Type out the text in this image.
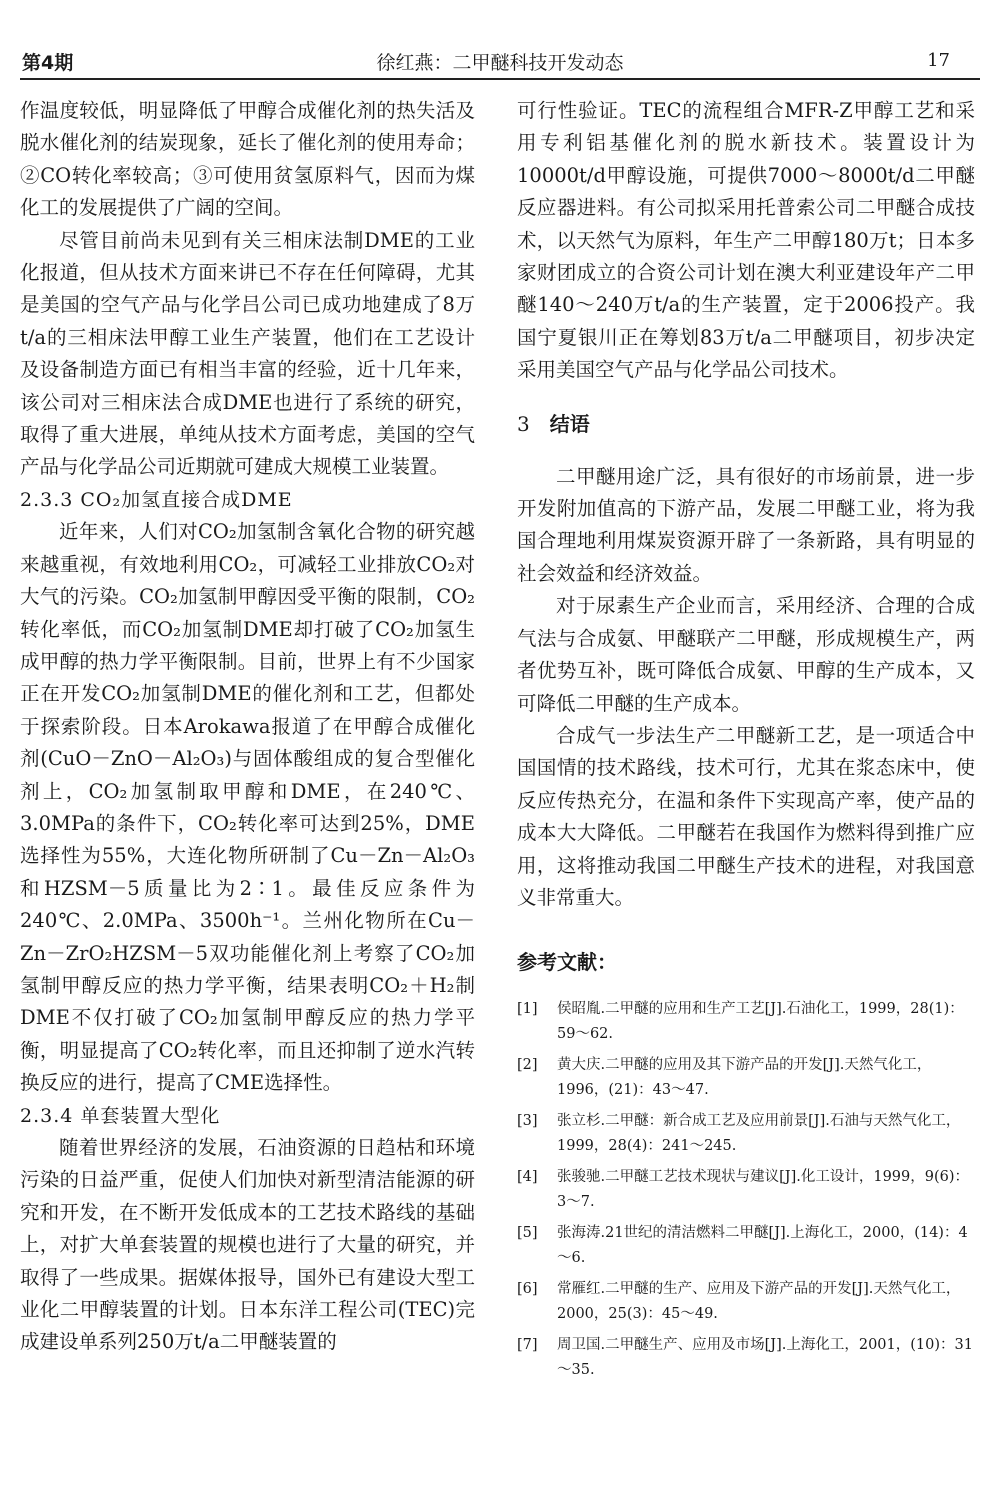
第4期	徐红燕：二甲醚科技开发动态	17

作温度较低，明显降低了甲醇合成催化剂的热失活及脱水催化剂的结炭现象，延长了催化剂的使用寿命；②CO转化率较高；③可使用贫氢原料气，因而为煤化工的发展提供了广阔的空间。

尽管目前尚未见到有关三相床法制DME的工业化报道，但从技术方面来讲已不存在任何障碍，尤其是美国的空气产品与化学吕公司已成功地建成了8万t/a的三相床法甲醇工业生产装置，他们在工艺设计及设备制造方面已有相当丰富的经验，近十几年来，该公司对三相床法合成DME也进行了系统的研究，取得了重大进展，单纯从技术方面考虑，美国的空气产品与化学品公司近期就可建成大规模工业装置。

2.3.3 CO₂加氢直接合成DME

近年来，人们对CO₂加氢制含氧化合物的研究越来越重视，有效地利用CO₂，可减轻工业排放CO₂对大气的污染。CO₂加氢制甲醇因受平衡的限制，CO₂转化率低，而CO₂加氢制DME却打破了CO₂加氢生成甲醇的热力学平衡限制。目前，世界上有不少国家正在开发CO₂加氢制DME的催化剂和工艺，但都处于探索阶段。日本Arokawa报道了在甲醇合成催化剂(CuO－ZnO－Al₂O₃)与固体酸组成的复合型催化剂上，CO₂加氢制取甲醇和DME，在240℃、3.0MPa的条件下，CO₂转化率可达到25%，DME选择性为55%，大连化物所研制了Cu－Zn－Al₂O₃和HZSM－5质量比为2∶1。最佳反应条件为240℃、2.0MPa、3500h⁻¹。兰州化物所在Cu－Zn－ZrO₂HZSM－5双功能催化剂上考察了CO₂加氢制甲醇反应的热力学平衡，结果表明CO₂＋H₂制DME不仅打破了CO₂加氢制甲醇反应的热力学平衡，明显提高了CO₂转化率，而且还抑制了逆水汽转换反应的进行，提高了CME选择性。

2.3.4 单套装置大型化

随着世界经济的发展，石油资源的日趋枯和环境污染的日益严重，促使人们加快对新型清洁能源的研究和开发，在不断开发低成本的工艺技术路线的基础上，对扩大单套装置的规模也进行了大量的研究，并取得了一些成果。据媒体报导，国外已有建设大型工业化二甲醇装置的计划。日本东洋工程公司(TEC)完成建设单系列250万t/a二甲醚装置的

可行性验证。TEC的流程组合MFR-Z甲醇工艺和采用专利铝基催化剂的脱水新技术。装置设计为10000t/d甲醇设施，可提供7000～8000t/d二甲醚反应器进料。有公司拟采用托普索公司二甲醚合成技术，以天然气为原料，年生产二甲醇180万t；日本多家财团成立的合资公司计划在澳大利亚建设年产二甲醚140～240万t/a的生产装置，定于2006投产。我国宁夏银川正在筹划83万t/a二甲醚项目，初步决定采用美国空气产品与化学品公司技术。

3 结语

二甲醚用途广泛，具有很好的市场前景，进一步开发附加值高的下游产品，发展二甲醚工业，将为我国合理地利用煤炭资源开辟了一条新路，具有明显的社会效益和经济效益。

对于尿素生产企业而言，采用经济、合理的合成气法与合成氨、甲醚联产二甲醚，形成规模生产，两者优势互补，既可降低合成氨、甲醇的生产成本，又可降低二甲醚的生产成本。

合成气一步法生产二甲醚新工艺，是一项适合中国国情的技术路线，技术可行，尤其在浆态床中，使反应传热充分，在温和条件下实现高产率，使产品的成本大大降低。二甲醚若在我国作为燃料得到推广应用，这将推动我国二甲醚生产技术的进程，对我国意义非常重大。

参考文献：
[1]	侯昭胤.二甲醚的应用和生产工艺[J].石油化工，1999，28(1)：59～62.
[2]	黄大庆.二甲醚的应用及其下游产品的开发[J].天然气化工，1996，(21)：43～47.
[3]	张立杉.二甲醚：新合成工艺及应用前景[J].石油与天然气化工，1999，28(4)：241～245.
[4]	张骏驰.二甲醚工艺技术现状与建议[J].化工设计，1999，9(6)：3～7.
[5]	张海涛.21世纪的清洁燃料二甲醚[J].上海化工，2000，(14)：4～6.
[6]	常雁红.二甲醚的生产、应用及下游产品的开发[J].天然气化工，2000，25(3)：45～49.
[7]	周卫国.二甲醚生产、应用及市场[J].上海化工，2001，(10)：31～35.
